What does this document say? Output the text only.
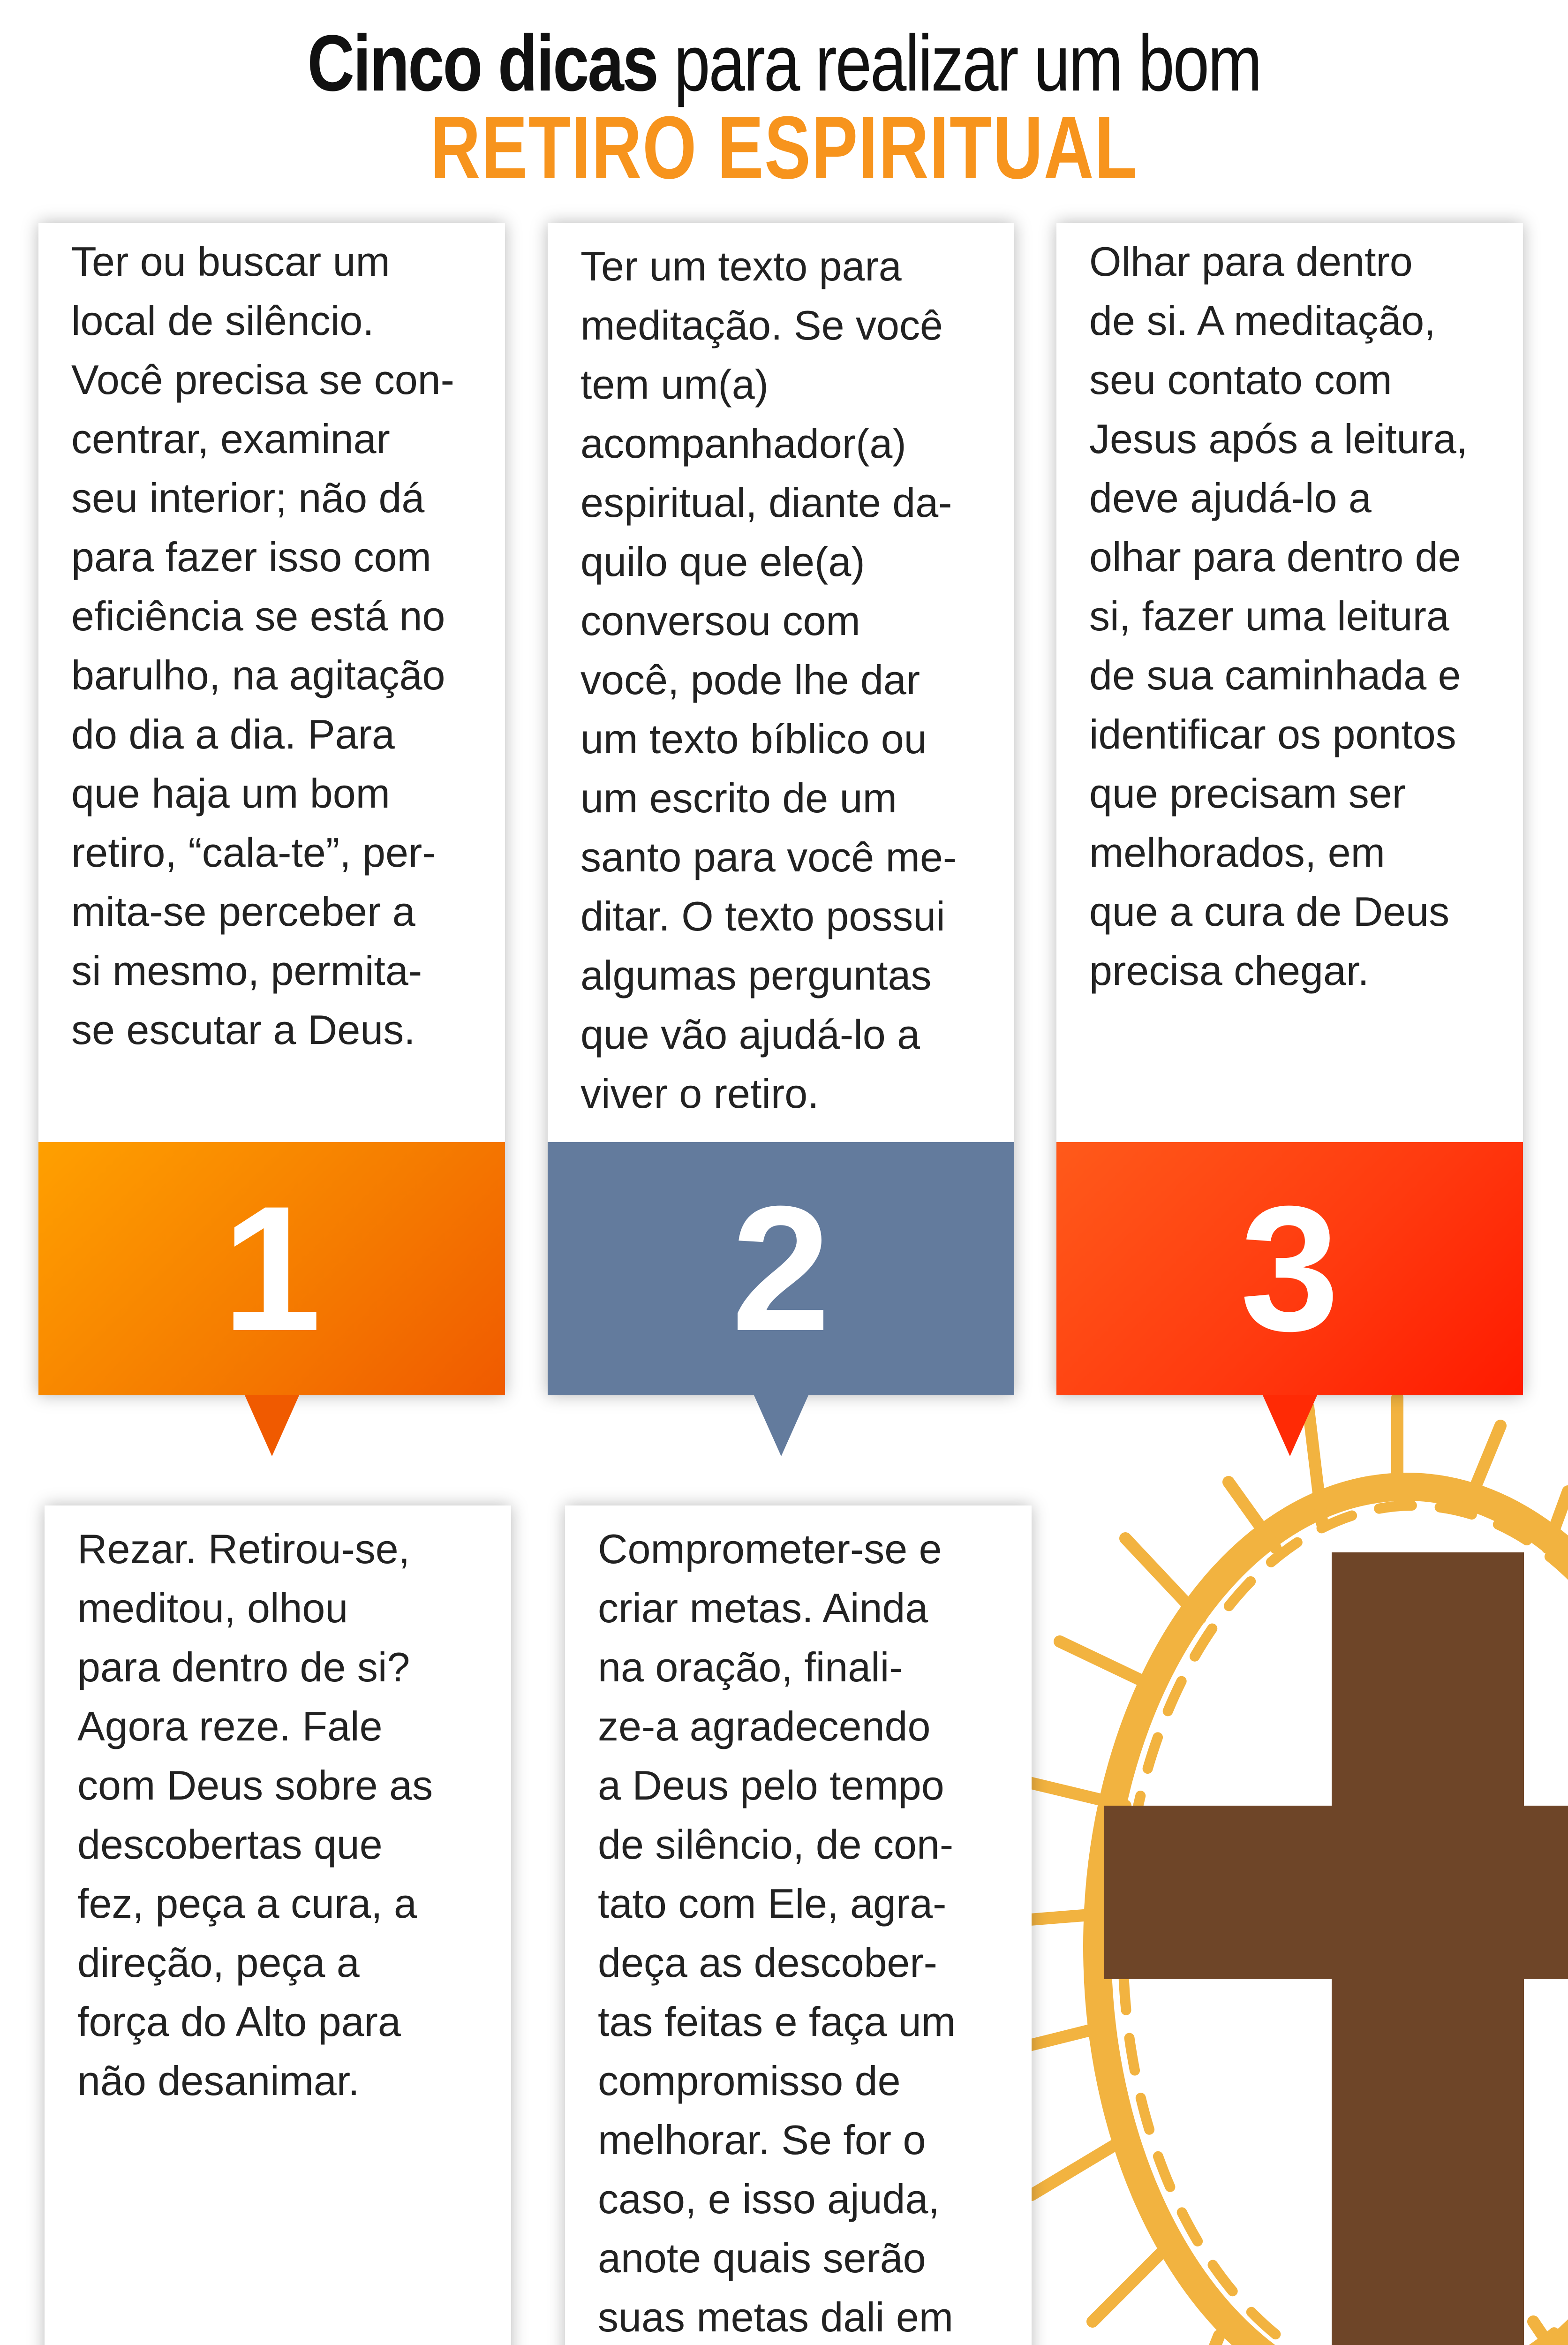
Cinco dicas para realizar um bom
RETIRO ESPIRITUAL
Ter ou buscar um
local de silêncio.
Você precisa se con-
centrar, examinar
seu interior; não dá
para fazer isso com
eficiência se está no
barulho, na agitação
do dia a dia. Para
que haja um bom
retiro, “cala-te”, per-
mita-se perceber a
si mesmo, permita-
se escutar a Deus.
1
Ter um texto para
meditação. Se você
tem um(a)
acompanhador(a)
espiritual, diante da-
quilo que ele(a)
conversou com
você, pode lhe dar
um texto bíblico ou
um escrito de um
santo para você me-
ditar. O texto possui
algumas perguntas
que vão ajudá-lo a
viver o retiro.
2
Olhar para dentro
de si. A meditação,
seu contato com
Jesus após a leitura,
deve ajudá-lo a
olhar para dentro de
si, fazer uma leitura
de sua caminhada e
identificar os pontos
que precisam ser
melhorados, em
que a cura de Deus
precisa chegar.
3
Rezar. Retirou-se,
meditou, olhou
para dentro de si?
Agora reze. Fale
com Deus sobre as
descobertas que
fez, peça a cura, a
direção, peça a
força do Alto para
não desanimar.
Comprometer-se e
criar metas. Ainda
na oração, finali-
ze-a agradecendo
a Deus pelo tempo
de silêncio, de con-
tato com Ele, agra-
deça as descober-
tas feitas e faça um
compromisso de
melhorar. Se for o
caso, e isso ajuda,
anote quais serão
suas metas dali em
